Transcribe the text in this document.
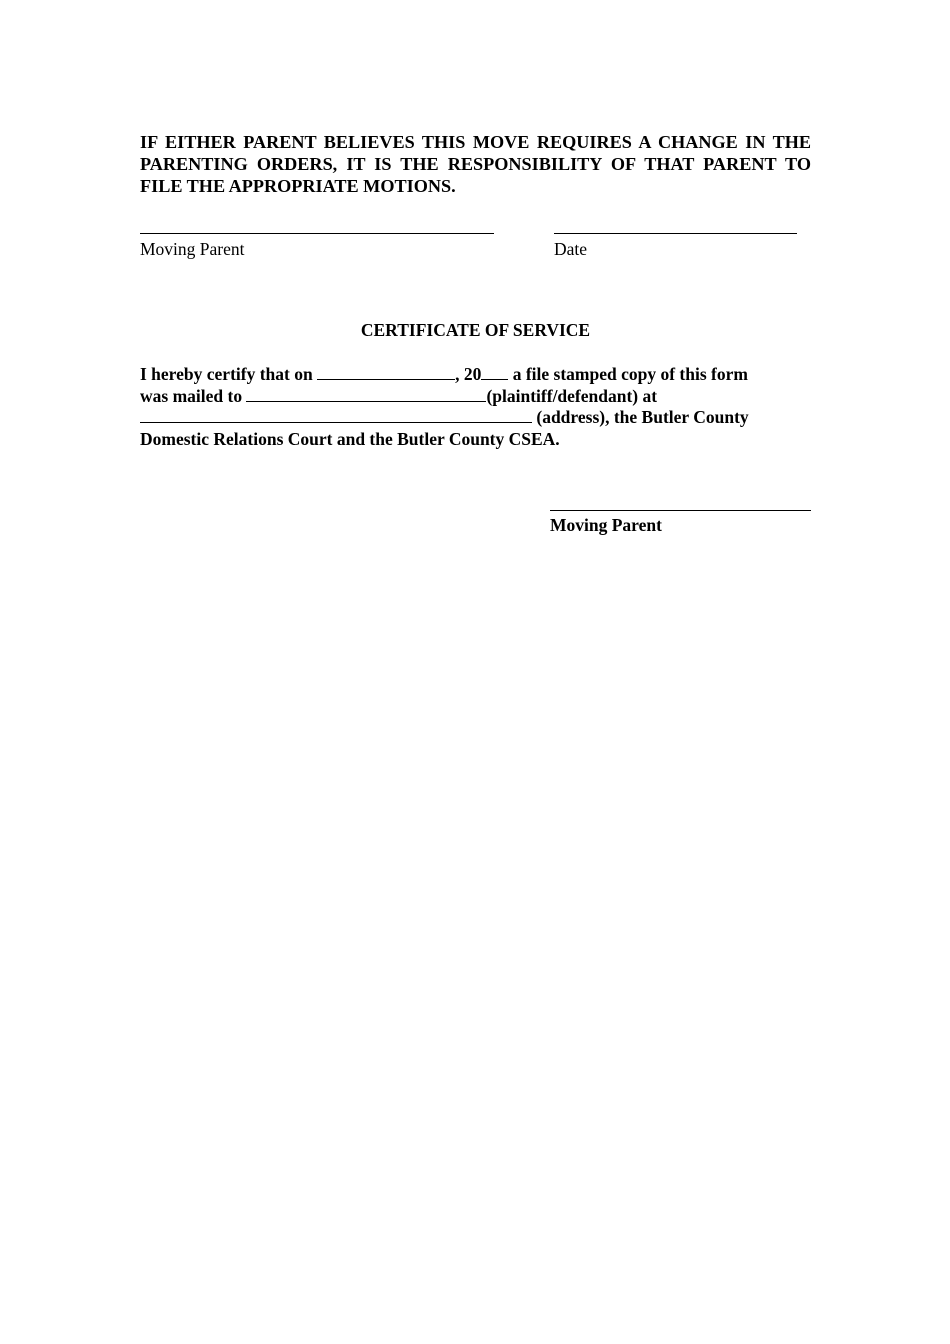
IF EITHER PARENT BELIEVES THIS MOVE REQUIRES A CHANGE IN THE PARENTING ORDERS, IT IS THE RESPONSIBILITY OF THAT PARENT TO FILE THE APPROPRIATE MOTIONS.
Moving Parent	Date
CERTIFICATE OF SERVICE
I hereby certify that on	, 20 a file stamped copy of this form
was mailed to	(plaintiff/defendant) at
(address), the Butler County
Domestic Relations Court and the Butler County CSEA.
Moving Parent
